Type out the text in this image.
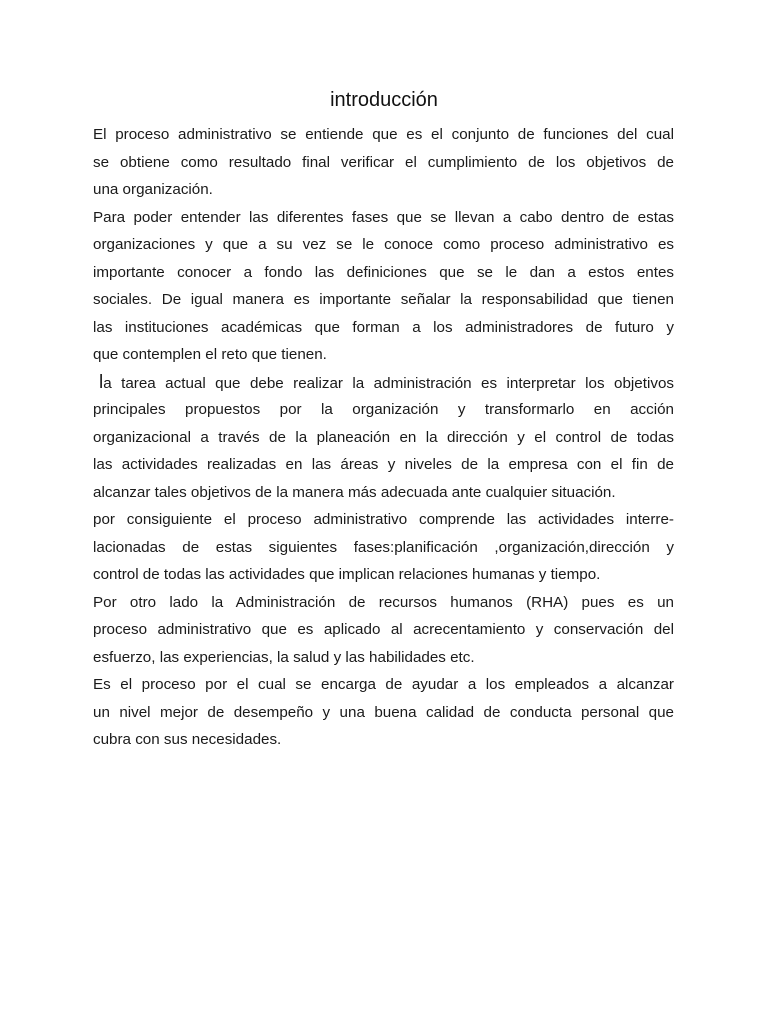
introducción
El proceso administrativo se entiende que es el conjunto de funciones del cual
se obtiene como resultado final verificar el cumplimiento de los objetivos de
una organización.
Para poder entender las diferentes fases que se llevan a cabo dentro de estas
organizaciones y que a su vez se le conoce como proceso administrativo es
importante conocer a fondo las definiciones que se le dan a estos entes
sociales. De igual manera es importante señalar la responsabilidad que tienen
las instituciones académicas que forman a los administradores de futuro y
que contemplen el reto que tienen.
la tarea actual que debe realizar la administración es interpretar los objetivos
principales propuestos por la organización y transformarlo en acción
organizacional a través de la planeación en la dirección y el control de todas
las actividades realizadas en las áreas y niveles de la empresa con el fin de
alcanzar tales objetivos de la manera más adecuada ante cualquier situación.
por consiguiente el proceso administrativo comprende las actividades interre-
lacionadas de estas siguientes fases:planificación ,organización,dirección y
control de todas las actividades que implican relaciones humanas y tiempo.
Por otro lado la Administración de recursos humanos (RHA) pues es un
proceso administrativo que es aplicado al acrecentamiento y conservación del
esfuerzo, las experiencias, la salud y las habilidades etc.
Es el proceso por el cual se encarga de ayudar a los empleados a alcanzar
un nivel mejor de desempeño y una buena calidad de conducta personal que
cubra con sus necesidades.
